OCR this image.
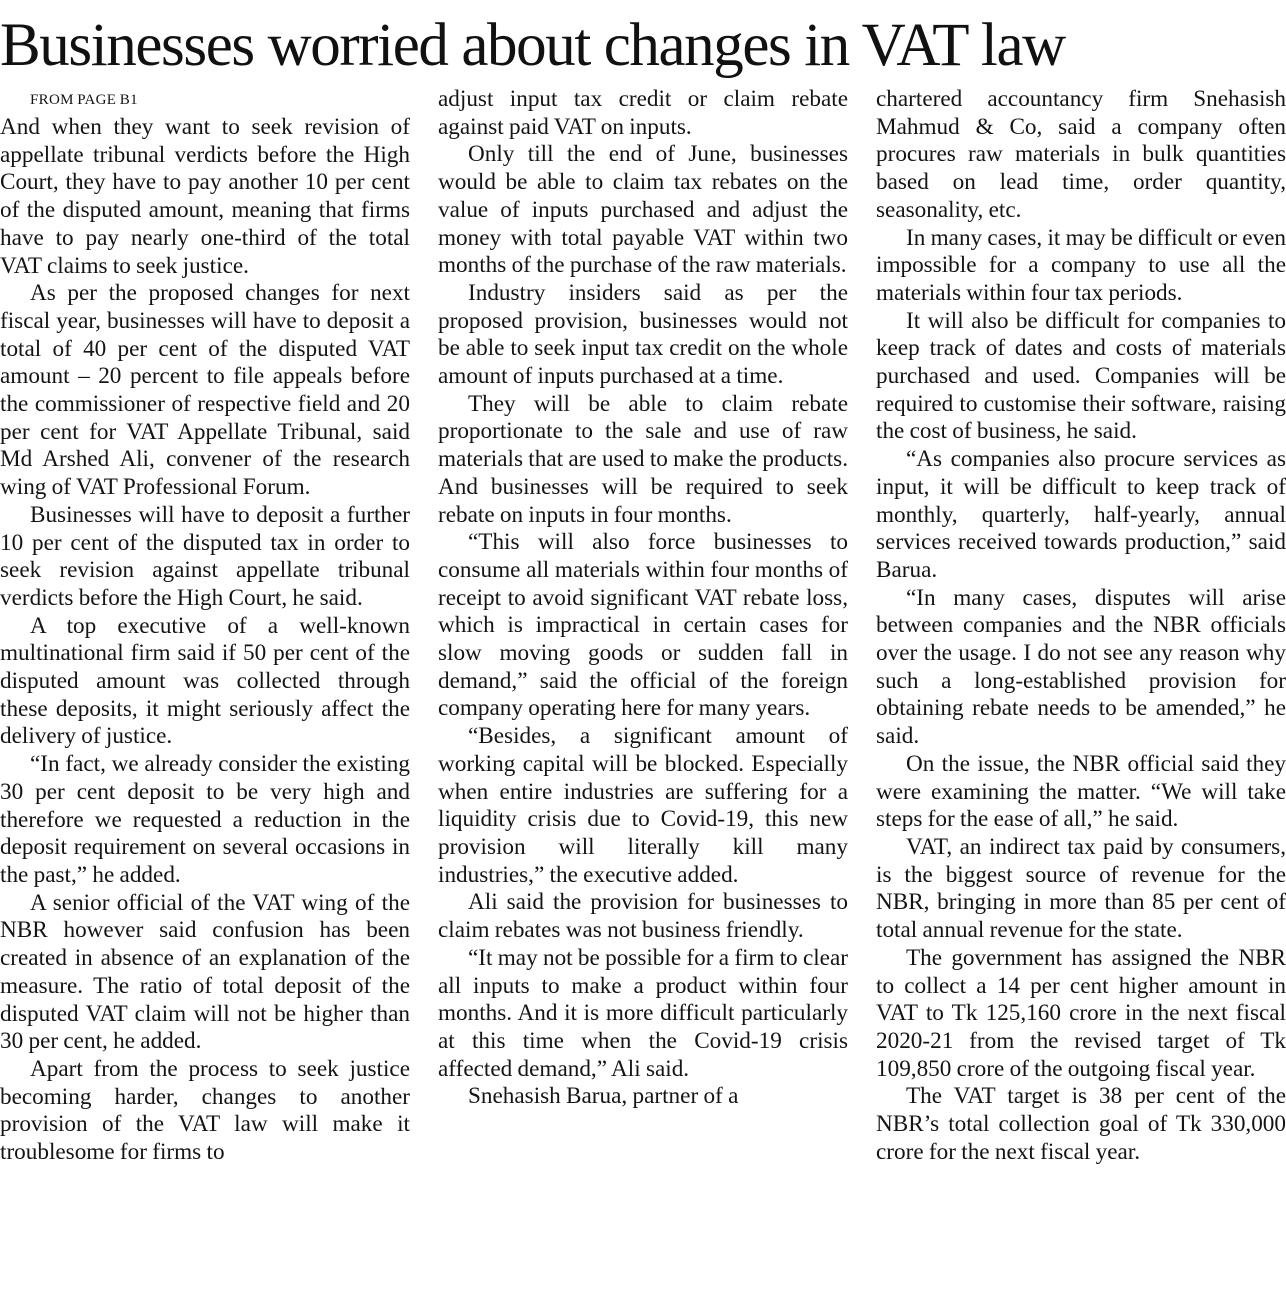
Businesses worried about changes in VAT law

FROM PAGE B1

And when they want to seek revision of appellate tribunal verdicts before the High Court, they have to pay another 10 per cent of the disputed amount, meaning that firms have to pay nearly one-third of the total VAT claims to seek justice.

As per the proposed changes for next fiscal year, businesses will have to deposit a total of 40 per cent of the disputed VAT amount – 20 percent to file appeals before the commissioner of respective field and 20 per cent for VAT Appellate Tribunal, said Md Arshed Ali, convener of the research wing of VAT Professional Forum.

Businesses will have to deposit a further 10 per cent of the disputed tax in order to seek revision against appellate tribunal verdicts before the High Court, he said.

A top executive of a well-known multinational firm said if 50 per cent of the disputed amount was collected through these deposits, it might seriously affect the delivery of justice.

“In fact, we already consider the existing 30 per cent deposit to be very high and therefore we requested a reduction in the deposit requirement on several occasions in the past,” he added.

A senior official of the VAT wing of the NBR however said confusion has been created in absence of an explanation of the measure. The ratio of total deposit of the disputed VAT claim will not be higher than 30 per cent, he added.

Apart from the process to seek justice becoming harder, changes to another provision of the VAT law will make it troublesome for firms to

adjust input tax credit or claim rebate against paid VAT on inputs.

Only till the end of June, businesses would be able to claim tax rebates on the value of inputs purchased and adjust the money with total payable VAT within two months of the purchase of the raw materials.

Industry insiders said as per the proposed provision, businesses would not be able to seek input tax credit on the whole amount of inputs purchased at a time.

They will be able to claim rebate proportionate to the sale and use of raw materials that are used to make the products. And businesses will be required to seek rebate on inputs in four months.

“This will also force businesses to consume all materials within four months of receipt to avoid significant VAT rebate loss, which is impractical in certain cases for slow moving goods or sudden fall in demand,” said the official of the foreign company operating here for many years.

“Besides, a significant amount of working capital will be blocked. Especially when entire industries are suffering for a liquidity crisis due to Covid-19, this new provision will literally kill many industries,” the executive added.

Ali said the provision for businesses to claim rebates was not business friendly.

“It may not be possible for a firm to clear all inputs to make a product within four months. And it is more difficult particularly at this time when the Covid-19 crisis affected demand,” Ali said.

Snehasish Barua, partner of a

chartered accountancy firm Snehasish Mahmud & Co, said a company often procures raw materials in bulk quantities based on lead time, order quantity, seasonality, etc.

In many cases, it may be difficult or even impossible for a company to use all the materials within four tax periods.

It will also be difficult for companies to keep track of dates and costs of materials purchased and used. Companies will be required to customise their software, raising the cost of business, he said.

“As companies also procure services as input, it will be difficult to keep track of monthly, quarterly, half-yearly, annual services received towards production,” said Barua.

“In many cases, disputes will arise between companies and the NBR officials over the usage. I do not see any reason why such a long-established provision for obtaining rebate needs to be amended,” he said.

On the issue, the NBR official said they were examining the matter. “We will take steps for the ease of all,” he said.

VAT, an indirect tax paid by consumers, is the biggest source of revenue for the NBR, bringing in more than 85 per cent of total annual revenue for the state.

The government has assigned the NBR to collect a 14 per cent higher amount in VAT to Tk 125,160 crore in the next fiscal 2020-21 from the revised target of Tk 109,850 crore of the outgoing fiscal year.

The VAT target is 38 per cent of the NBR’s total collection goal of Tk 330,000 crore for the next fiscal year.
